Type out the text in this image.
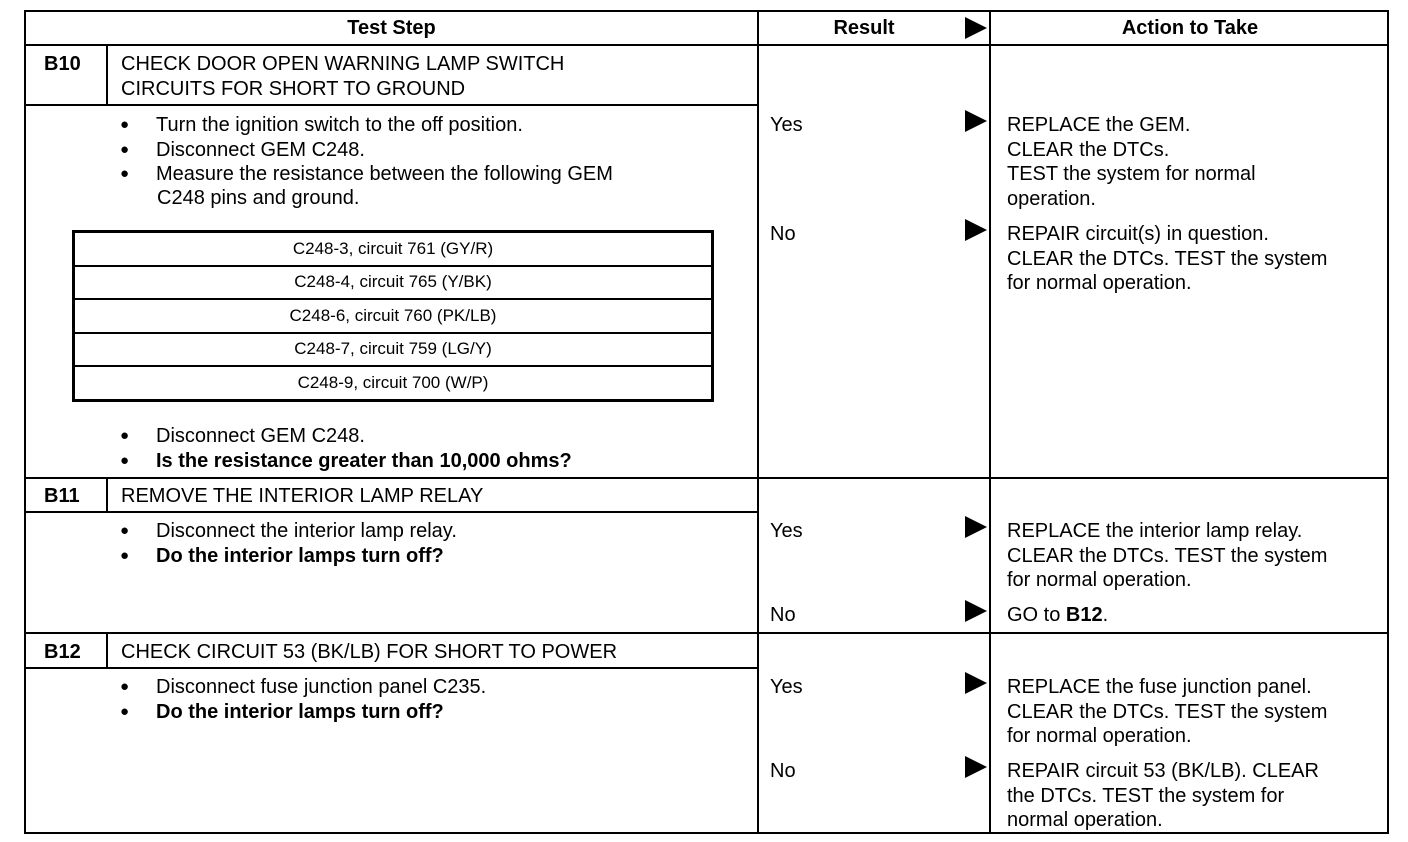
Test Step	Result	Action to Take
B10 CHECK DOOR OPEN WARNING LAMP SWITCH
CIRCUITS FOR SHORT TO GROUND
● Turn the ignition switch to the off position.
● Disconnect GEM C248.
● Measure the resistance between the following GEM
C248 pins and ground.
C248-3, circuit 761 (GY/R)
C248-4, circuit 765 (Y/BK)
C248-6, circuit 760 (PK/LB)
C248-7, circuit 759 (LG/Y)
C248-9, circuit 700 (W/P)
● Disconnect GEM C248.
● Is the resistance greater than 10,000 ohms?
Yes	REPLACE the GEM.
CLEAR the DTCs.
TEST the system for normal
operation.
No	REPAIR circuit(s) in question.
CLEAR the DTCs. TEST the system
for normal operation.
B11 REMOVE THE INTERIOR LAMP RELAY
● Disconnect the interior lamp relay.
● Do the interior lamps turn off?
Yes	REPLACE the interior lamp relay.
CLEAR the DTCs. TEST the system
for normal operation.
No	GO to B12.
B12 CHECK CIRCUIT 53 (BK/LB) FOR SHORT TO POWER
● Disconnect fuse junction panel C235.
● Do the interior lamps turn off?
Yes	REPLACE the fuse junction panel.
CLEAR the DTCs. TEST the system
for normal operation.
No	REPAIR circuit 53 (BK/LB). CLEAR
the DTCs. TEST the system for
normal operation.
